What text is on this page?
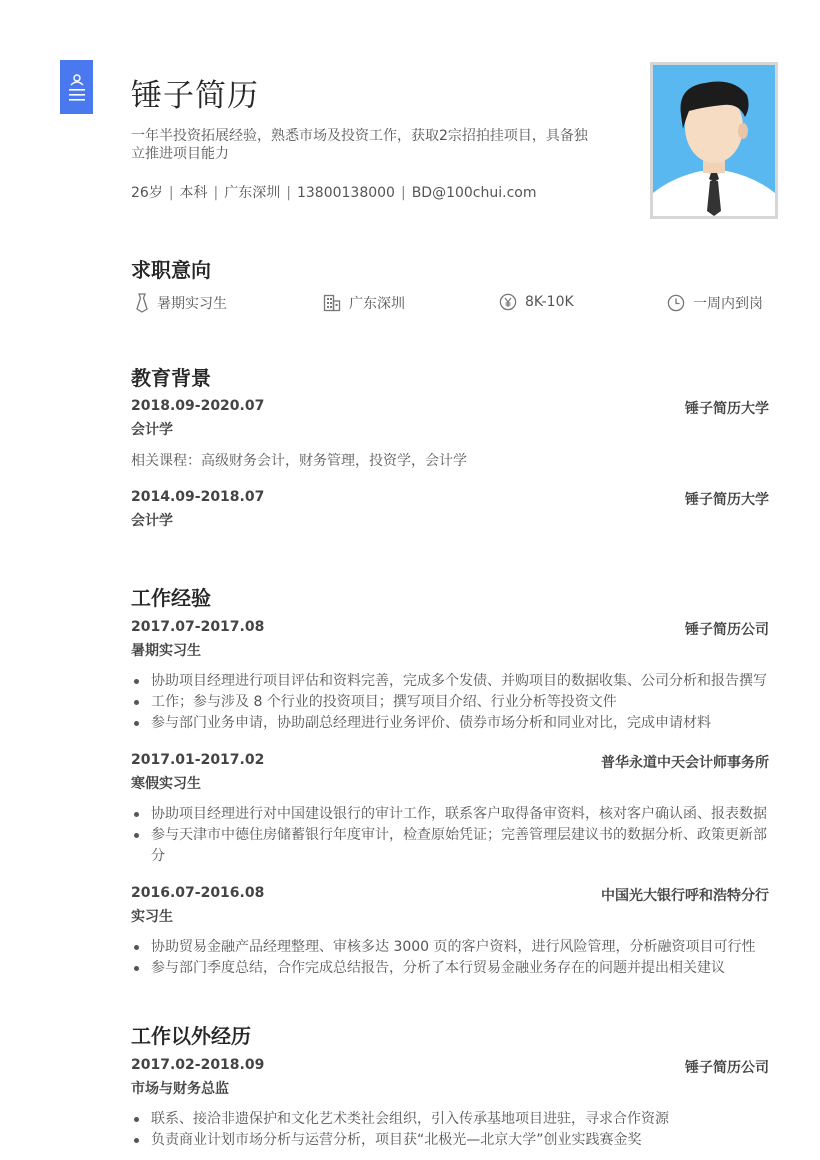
锤子简历
一年半投资拓展经验，熟悉市场及投资工作，获取2宗招拍挂项目，具备独立推进项目能力
26岁 | 本科 | 广东深圳 | 13800138000 | BD@100chui.com
求职意向
暑期实习生	广东深圳	8K-10K	一周内到岗
教育背景
2018.09-2020.07	锤子简历大学
会计学
相关课程：高级财务会计，财务管理，投资学，会计学
2014.09-2018.07	锤子简历大学
会计学
工作经验
2017.07-2017.08	锤子简历公司
暑期实习生
协助项目经理进行项目评估和资料完善，完成多个发债、并购项目的数据收集、公司分析和报告撰写
工作；参与涉及 8 个行业的投资项目；撰写项目介绍、行业分析等投资文件
参与部门业务申请，协助副总经理进行业务评价、债券市场分析和同业对比，完成申请材料
2017.01-2017.02	普华永道中天会计师事务所
寒假实习生
协助项目经理进行对中国建设银行的审计工作，联系客户取得备审资料，核对客户确认函、报表数据
参与天津市中德住房储蓄银行年度审计，检查原始凭证；完善管理层建议书的数据分析、政策更新部分
2016.07-2016.08	中国光大银行呼和浩特分行
实习生
协助贸易金融产品经理整理、审核多达 3000 页的客户资料，进行风险管理，分析融资项目可行性
参与部门季度总结，合作完成总结报告，分析了本行贸易金融业务存在的问题并提出相关建议
工作以外经历
2017.02-2018.09	锤子简历公司
市场与财务总监
联系、接洽非遗保护和文化艺术类社会组织，引入传承基地项目进驻，寻求合作资源
负责商业计划市场分析与运营分析，项目获“北极光—北京大学”创业实践赛金奖
